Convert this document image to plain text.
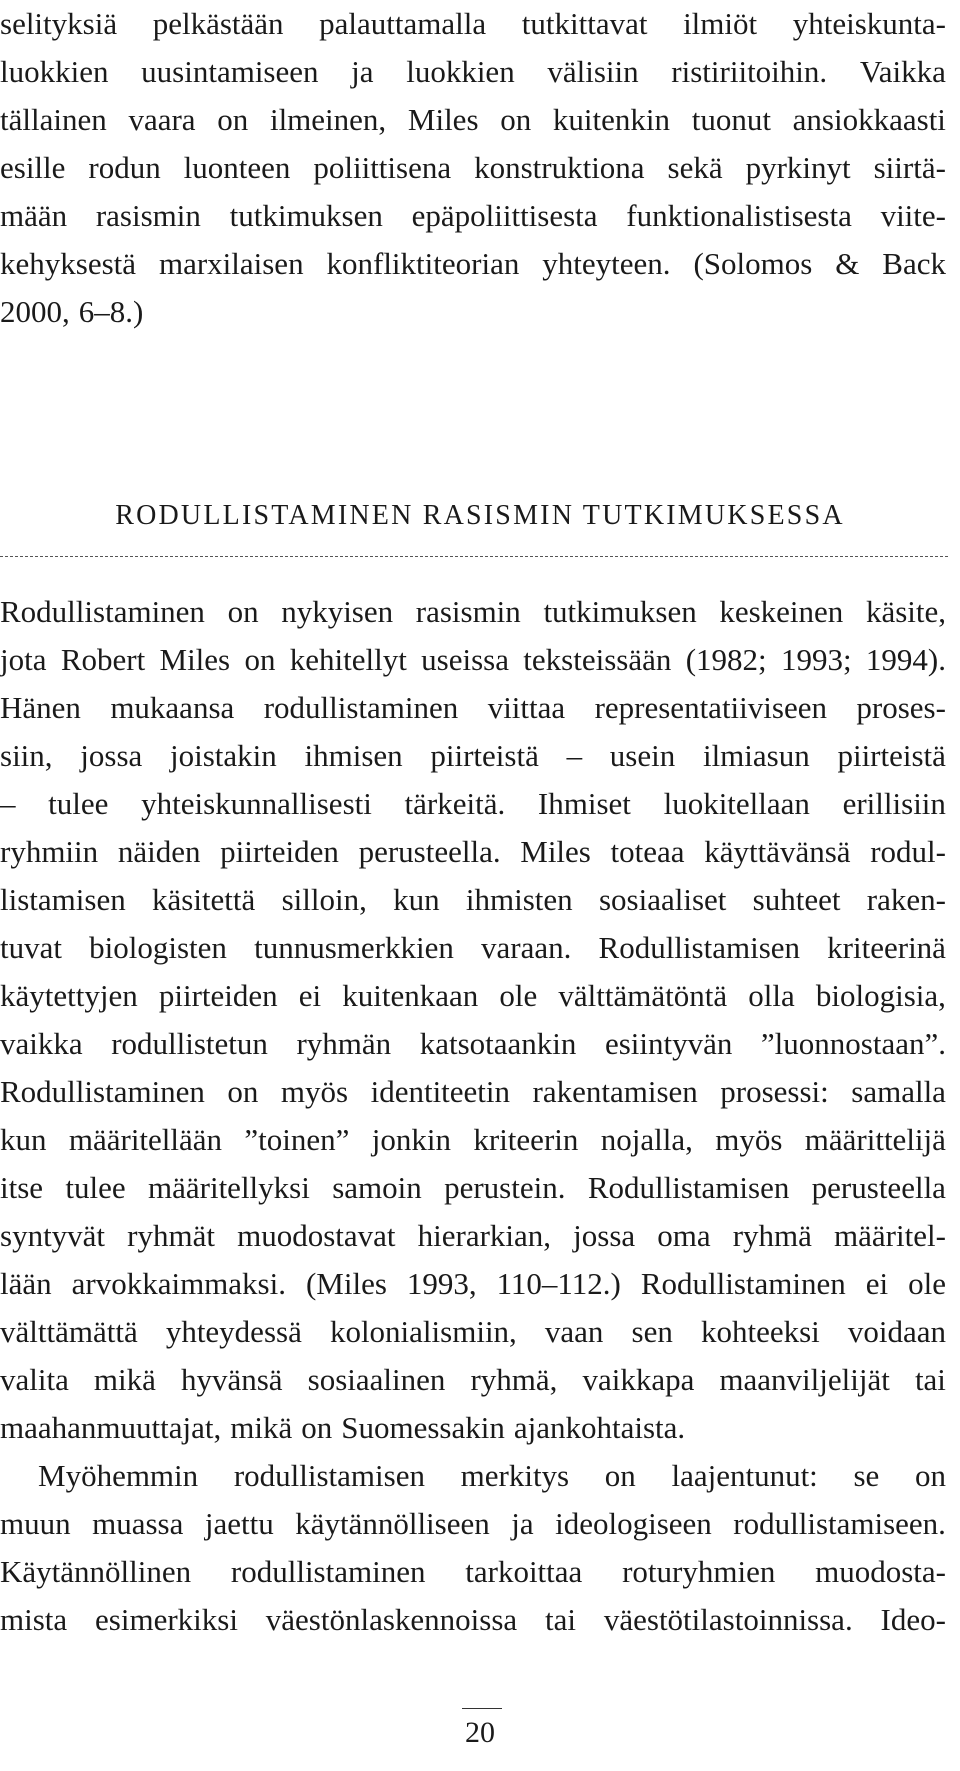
selityksiä pelkästään palauttamalla tutkittavat ilmiöt yhteiskunta-
luokkien uusintamiseen ja luokkien välisiin ristiriitoihin. Vaikka
tällainen vaara on ilmeinen, Miles on kuitenkin tuonut ansiokkaasti
esille rodun luonteen poliittisena konstruktiona sekä pyrkinyt siirtä-
mään rasismin tutkimuksen epäpoliittisesta funktionalistisesta viite-
kehyksestä marxilaisen konfliktiteorian yhteyteen. (Solomos & Back
2000, 6–8.)
RODULLISTAMINEN RASISMIN TUTKIMUKSESSA
Rodullistaminen on nykyisen rasismin tutkimuksen keskeinen käsite,
jota Robert Miles on kehitellyt useissa teksteissään (1982; 1993; 1994).
Hänen mukaansa rodullistaminen viittaa representatiiviseen proses-
siin, jossa joistakin ihmisen piirteistä – usein ilmiasun piirteistä
– tulee yhteiskunnallisesti tärkeitä. Ihmiset luokitellaan erillisiin
ryhmiin näiden piirteiden perusteella. Miles toteaa käyttävänsä rodul-
listamisen käsitettä silloin, kun ihmisten sosiaaliset suhteet raken-
tuvat biologisten tunnusmerkkien varaan. Rodullistamisen kriteerinä
käytettyjen piirteiden ei kuitenkaan ole välttämätöntä olla biologisia,
vaikka rodullistetun ryhmän katsotaankin esiintyvän ”luonnostaan”.
Rodullistaminen on myös identiteetin rakentamisen prosessi: samalla
kun määritellään ”toinen” jonkin kriteerin nojalla, myös määrittelijä
itse tulee määritellyksi samoin perustein. Rodullistamisen perusteella
syntyvät ryhmät muodostavat hierarkian, jossa oma ryhmä määritel-
lään arvokkaimmaksi. (Miles 1993, 110–112.) Rodullistaminen ei ole
välttämättä yhteydessä kolonialismiin, vaan sen kohteeksi voidaan
valita mikä hyvänsä sosiaalinen ryhmä, vaikkapa maanviljelijät tai
maahanmuuttajat, mikä on Suomessakin ajankohtaista.
Myöhemmin rodullistamisen merkitys on laajentunut: se on
muun muassa jaettu käytännölliseen ja ideologiseen rodullistamiseen.
Käytännöllinen rodullistaminen tarkoittaa roturyhmien muodosta-
mista esimerkiksi väestönlaskennoissa tai väestötilastoinnissa. Ideo-
20
